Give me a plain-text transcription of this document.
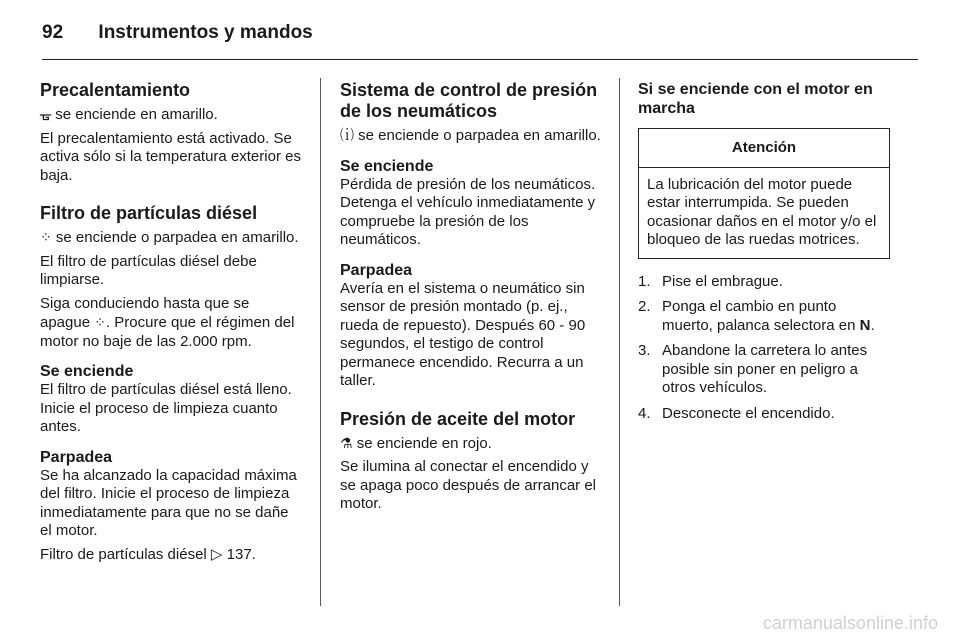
92 Instrumentos y mandos
Precalentamiento

ᚗ se enciende en amarillo.

El precalentamiento está activado. Se activa sólo si la temperatura exterior es baja.

Filtro de partículas diésel

⁘ se enciende o parpadea en amarillo.

El filtro de partículas diésel debe limpiarse.

Siga conduciendo hasta que se apague ⁘. Procure que el régimen del motor no baje de las 2.000 rpm.

Se enciende

El filtro de partículas diésel está lleno. Inicie el proceso de limpieza cuanto antes.

Parpadea

Se ha alcanzado la capacidad máxima del filtro. Inicie el proceso de limpieza inmediatamente para que no se dañe el motor.

Filtro de partículas diésel ▷ 137.

Sistema de control de presión de los neumáticos

⒤ se enciende o parpadea en amarillo.

Se enciende

Pérdida de presión de los neumáticos. Detenga el vehículo inmediatamente y compruebe la presión de los neumáticos.

Parpadea

Avería en el sistema o neumático sin sensor de presión montado (p. ej., rueda de repuesto). Después 60 - 90 segundos, el testigo de control permanece encendido. Recurra a un taller.

Presión de aceite del motor

⚗ se enciende en rojo.

Se ilumina al conectar el encendido y se apaga poco después de arrancar el motor.

Si se enciende con el motor en marcha
Atención
La lubricación del motor puede estar interrumpida. Se pueden ocasionar daños en el motor y/o el bloqueo de las ruedas motrices.
1. Pise el embrague.
2. Ponga el cambio en punto muerto, palanca selectora en N.
3. Abandone la carretera lo antes posible sin poner en peligro a otros vehículos.
4. Desconecte el encendido.
carmanualsonline.info
